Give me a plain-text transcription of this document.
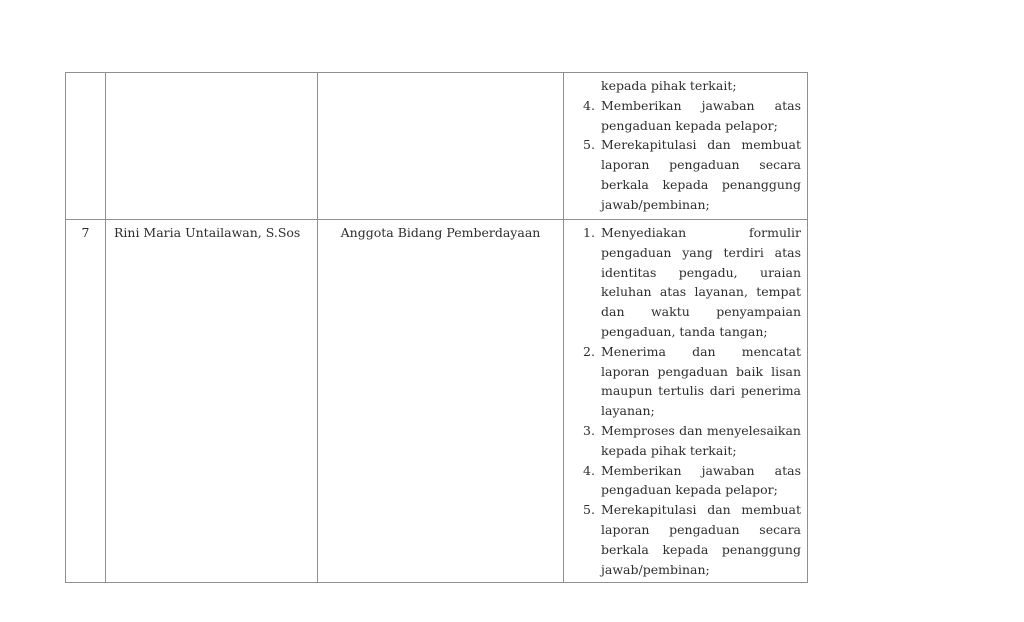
			kepada pihak terkait;
4. Memberikan jawaban atas pengaduan kepada pelapor;
5. Merekapitulasi dan membuat laporan pengaduan secara berkala kepada penanggung jawab/pembinan;

7	Rini Maria Untailawan, S.Sos	Anggota Bidang Pemberdayaan	1. Menyediakan formulir pengaduan yang terdiri atas identitas pengadu, uraian keluhan atas layanan, tempat dan waktu penyampaian pengaduan, tanda tangan;
2. Menerima dan mencatat laporan pengaduan baik lisan maupun tertulis dari penerima layanan;
3. Memproses dan menyelesaikan kepada pihak terkait;
4. Memberikan jawaban atas pengaduan kepada pelapor;
5. Merekapitulasi dan membuat laporan pengaduan secara berkala kepada penanggung jawab/pembinan;
